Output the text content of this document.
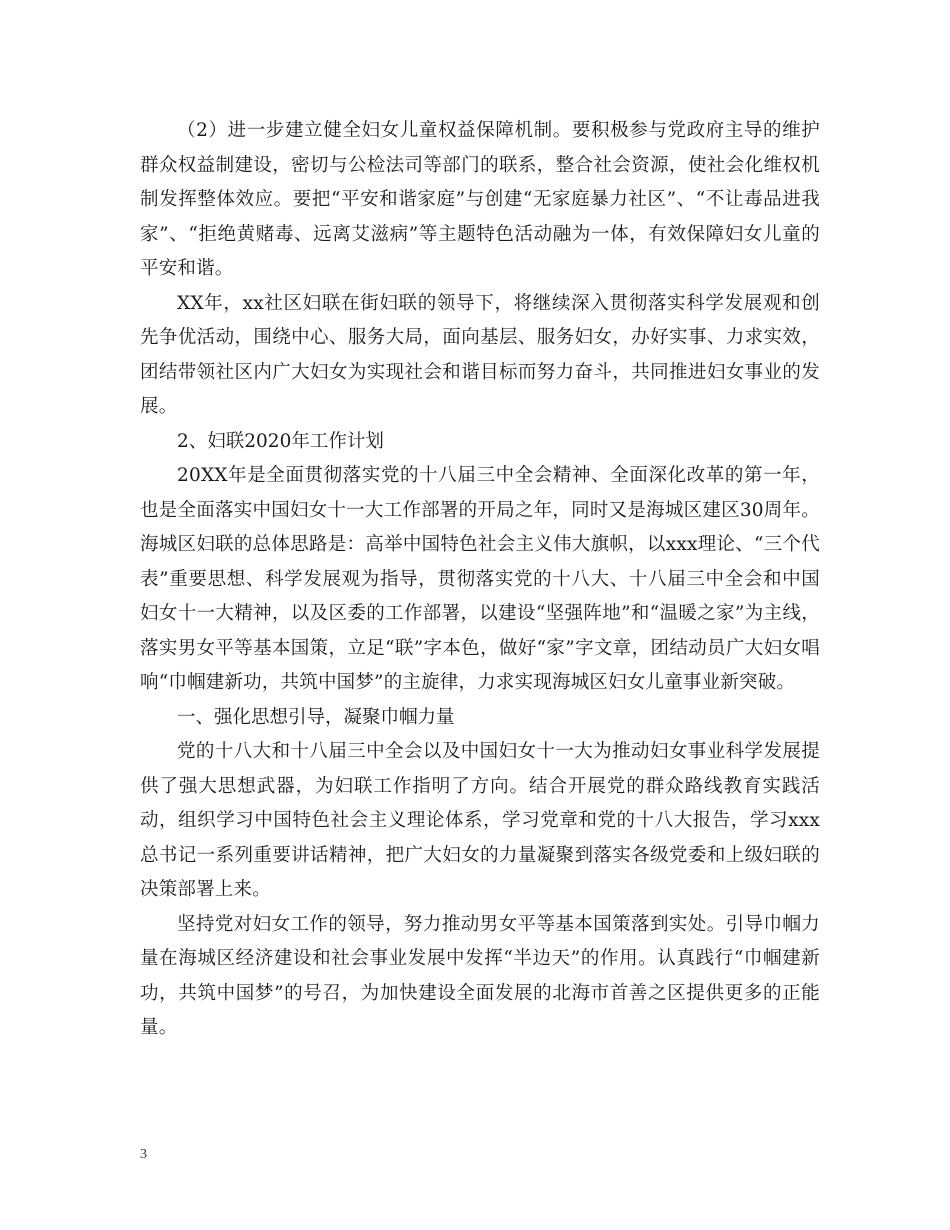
（2）进一步建立健全妇女儿童权益保障机制。要积极参与党政府主导的维护群众权益制建设，密切与公检法司等部门的联系，整合社会资源，使社会化维权机制发挥整体效应。要把“平安和谐家庭”与创建“无家庭暴力社区”、“不让毒品进我家”、“拒绝黄赌毒、远离艾滋病”等主题特色活动融为一体，有效保障妇女儿童的平安和谐。

XX年，xx社区妇联在街妇联的领导下，将继续深入贯彻落实科学发展观和创先争优活动，围绕中心、服务大局，面向基层、服务妇女，办好实事、力求实效，团结带领社区内广大妇女为实现社会和谐目标而努力奋斗，共同推进妇女事业的发展。

2、妇联2020年工作计划

20XX年是全面贯彻落实党的十八届三中全会精神、全面深化改革的第一年，也是全面落实中国妇女十一大工作部署的开局之年，同时又是海城区建区30周年。海城区妇联的总体思路是：高举中国特色社会主义伟大旗帜，以xxx理论、“三个代表”重要思想、科学发展观为指导，贯彻落实党的十八大、十八届三中全会和中国妇女十一大精神，以及区委的工作部署，以建设“坚强阵地”和“温暖之家”为主线，落实男女平等基本国策，立足“联”字本色，做好“家”字文章，团结动员广大妇女唱响“巾帼建新功，共筑中国梦”的主旋律，力求实现海城区妇女儿童事业新突破。

一、强化思想引导，凝聚巾帼力量

党的十八大和十八届三中全会以及中国妇女十一大为推动妇女事业科学发展提供了强大思想武器，为妇联工作指明了方向。结合开展党的群众路线教育实践活动，组织学习中国特色社会主义理论体系，学习党章和党的十八大报告，学习xxx总书记一系列重要讲话精神，把广大妇女的力量凝聚到落实各级党委和上级妇联的决策部署上来。

坚持党对妇女工作的领导，努力推动男女平等基本国策落到实处。引导巾帼力量在海城区经济建设和社会事业发展中发挥“半边天”的作用。认真践行“巾帼建新功，共筑中国梦”的号召，为加快建设全面发展的北海市首善之区提供更多的正能量。

3
